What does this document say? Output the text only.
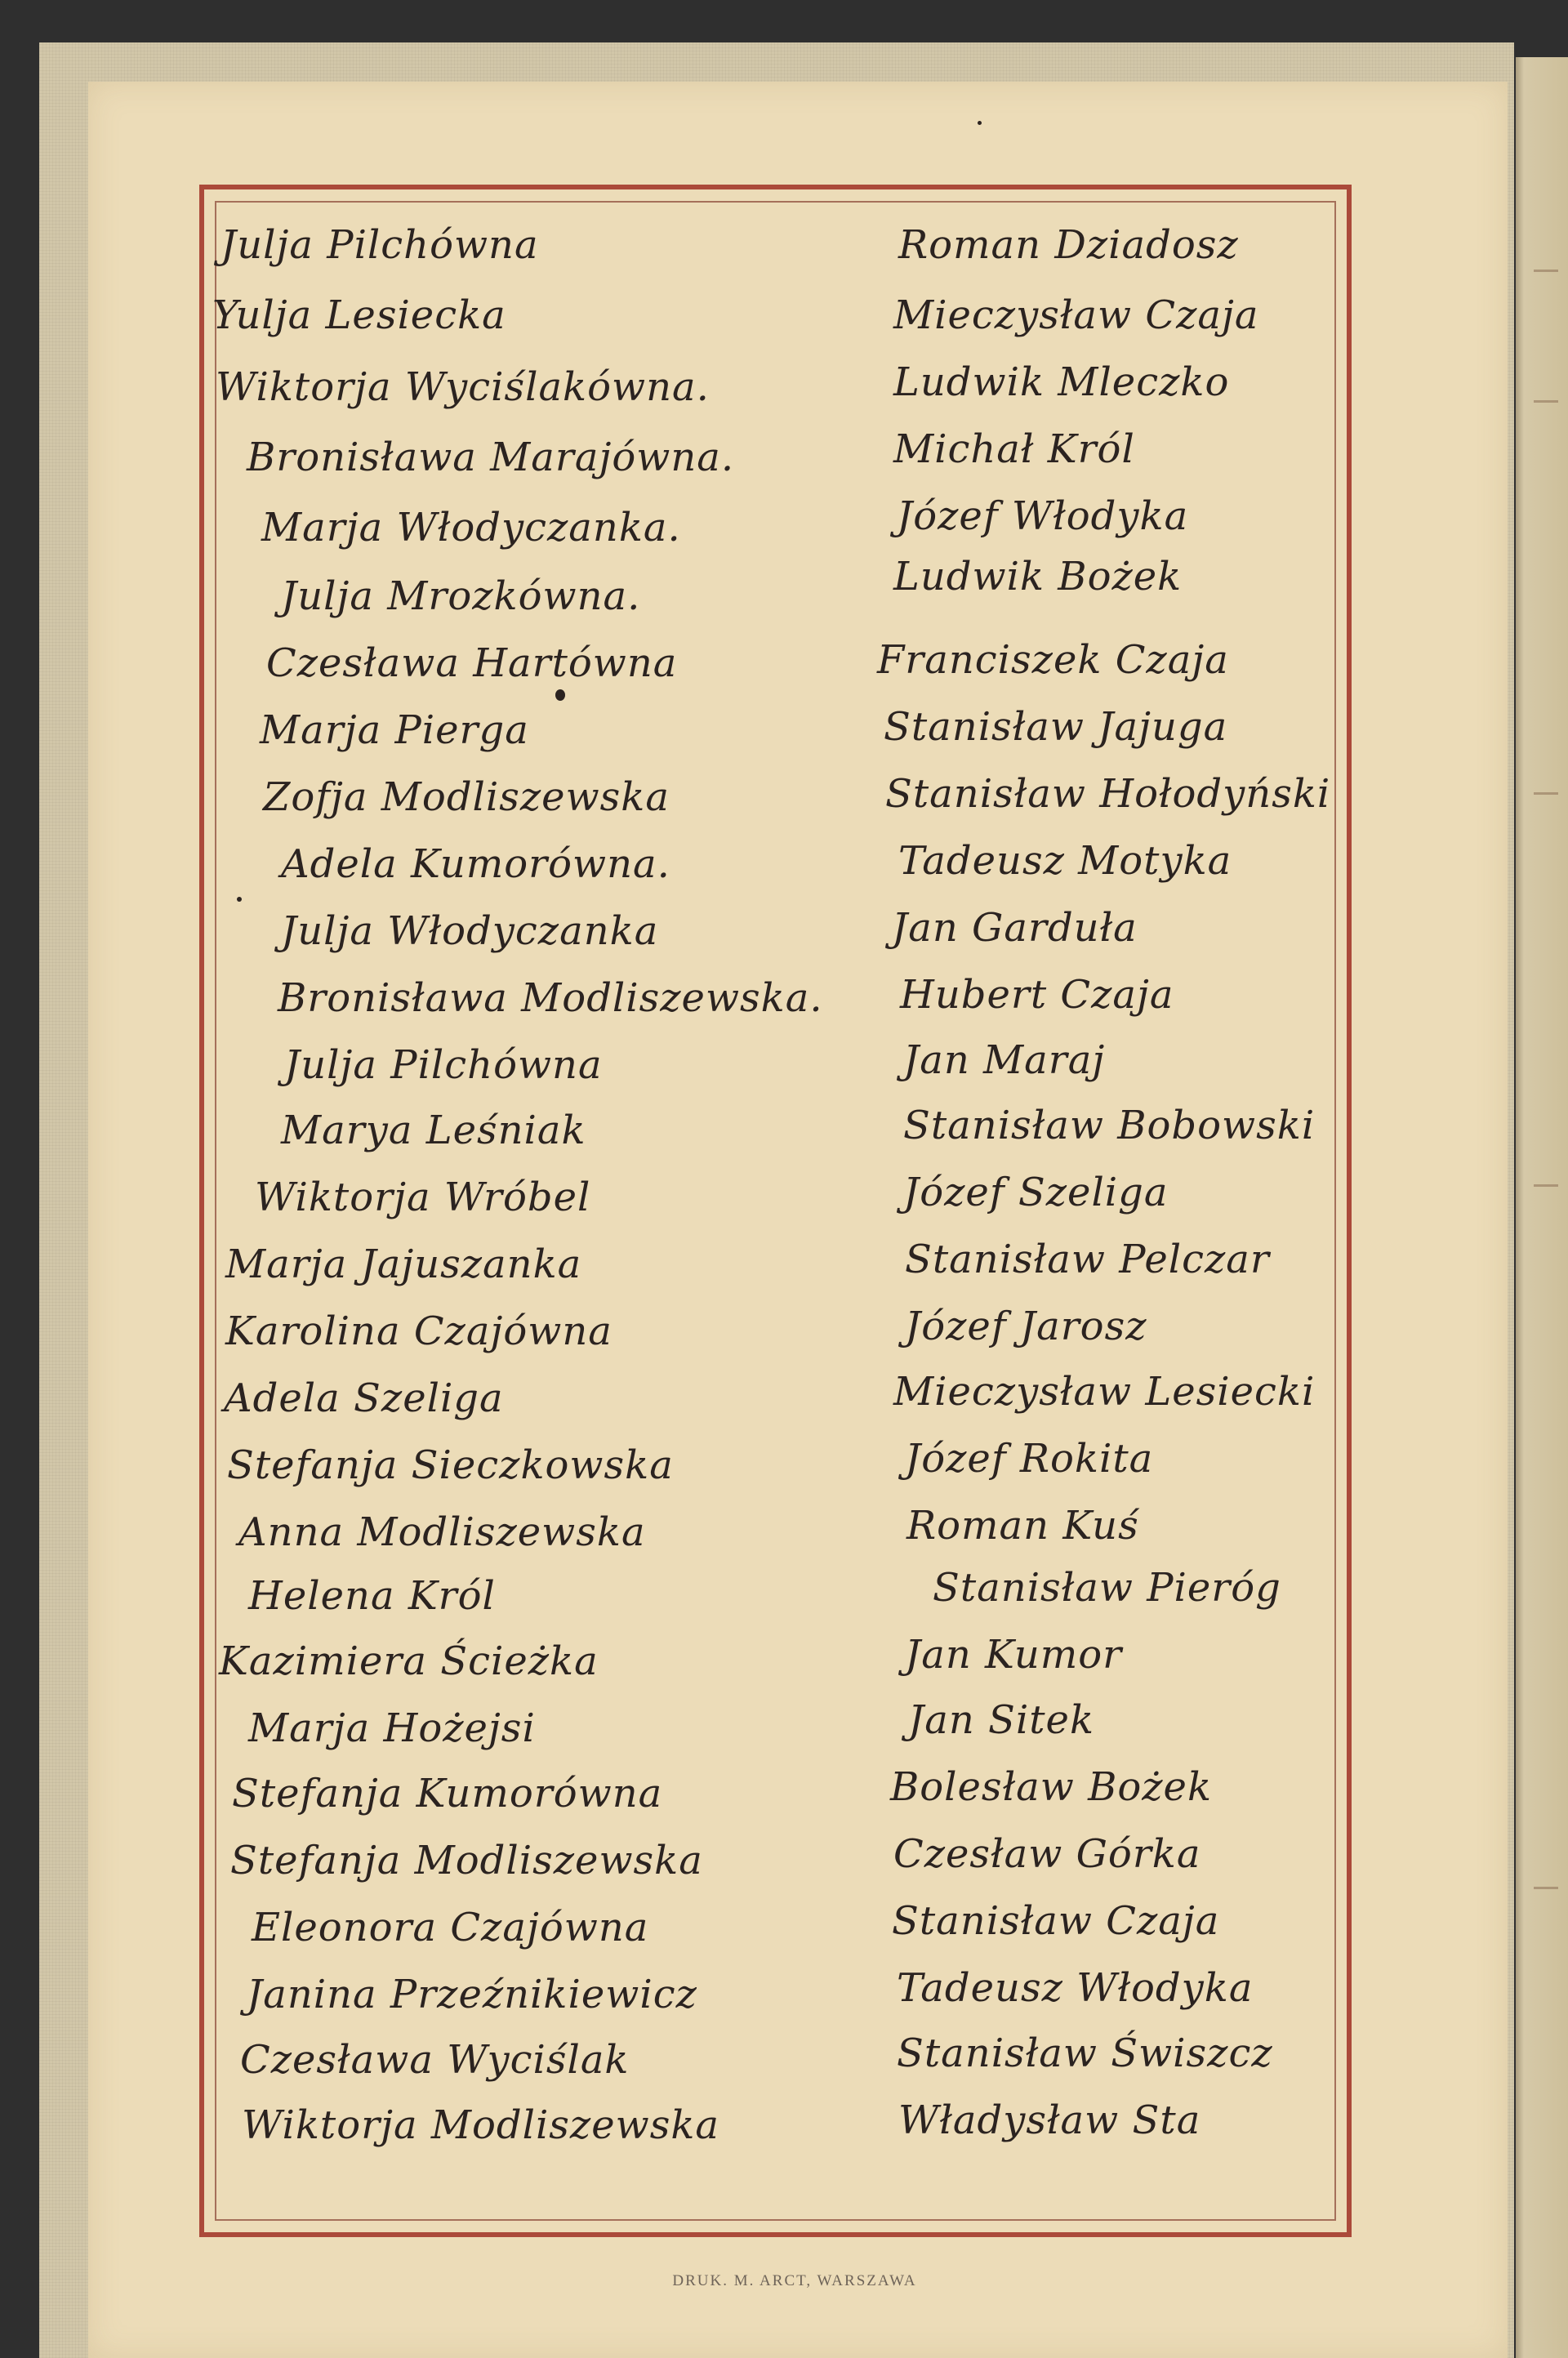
Julja Pilchówna
Yulja Lesiecka
Wiktorja Wyciślakówna.
Bronisława Marajówna.
Marja Włodyczanka.
Julja Mrozkówna.
Czesława Hartówna
Marja Pierga
Zofja Modliszewska
Adela Kumorówna.
Julja Włodyczanka
Bronisława Modliszewska.
Julja Pilchówna
Marya Leśniak
Wiktorja Wróbel
Marja Jajuszanka
Karolina Czajówna
Adela Szeliga
Stefanja Sieczkowska
Anna Modliszewska
Helena Król
Kazimiera Ścieżka
Marja Hożejsi
Stefanja Kumorówna
Stefanja Modliszewska
Eleonora Czajówna
Janina Przeźnikiewicz
Czesława Wyciślak
Wiktorja Modliszewska
Roman Dziadosz
Mieczysław Czaja
Ludwik Mleczko
Michał Król
Józef Włodyka
Ludwik Bożek
Franciszek Czaja
Stanisław Jajuga
Stanisław Hołodyński
Tadeusz Motyka
Jan Garduła
Hubert Czaja
Jan Maraj
Stanisław Bobowski
Józef Szeliga
Stanisław Pelczar
Józef Jarosz
Mieczysław Lesiecki
Józef Rokita
Roman Kuś
Stanisław Pieróg
Jan Kumor
Jan Sitek
Bolesław Bożek
Czesław Górka
Stanisław Czaja
Tadeusz Włodyka
Stanisław Świszcz
Władysław Sta
DRUK. M. ARCT, WARSZAWA
